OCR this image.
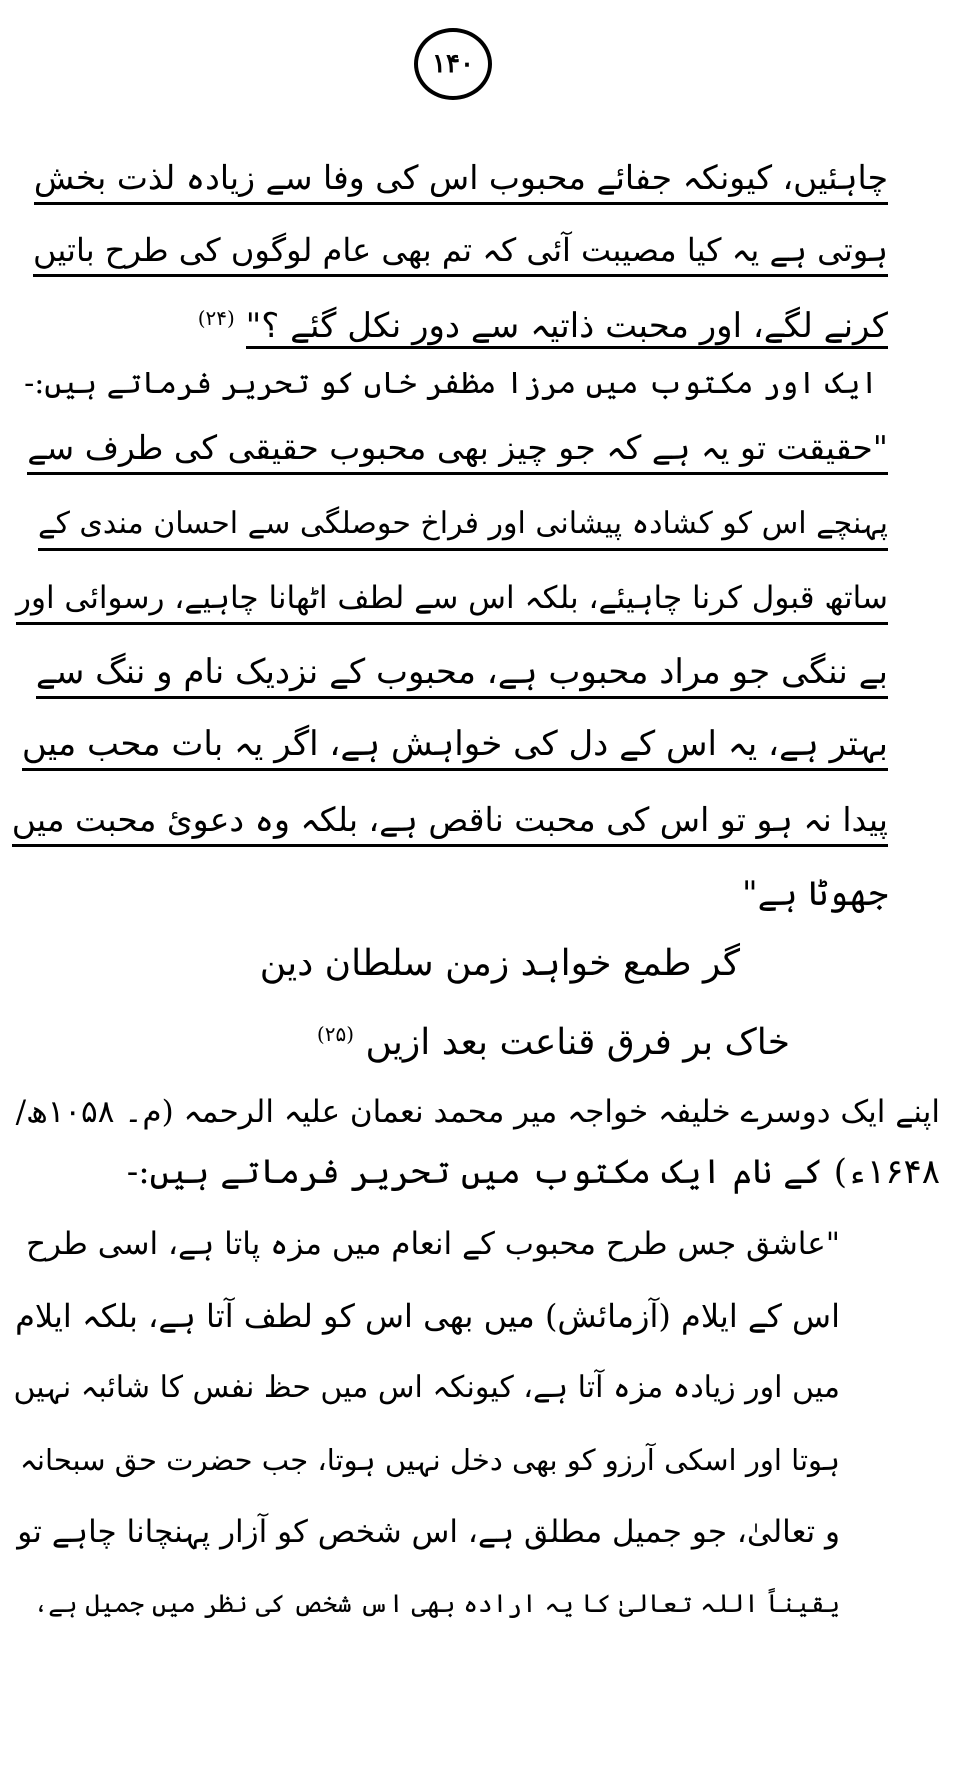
۱۴۰
چاہئیں، کیونکہ جفائے محبوب اس کی وفا سے زیادہ لذت بخش
ہوتی ہے یہ کیا مصیبت آئی کہ تم بھی عام لوگوں کی طرح باتیں
کرنے لگے، اور محبت ذاتیہ سے دور نکل گئے ؟" $^{(۲۴)}$
ایک اور مکتوب میں مرزا مظفر خاں کو تحریر فرماتے ہیں:-
"حقیقت تو یہ ہے کہ جو چیز بھی محبوب حقیقی کی طرف سے
پہنچے اس کو کشادہ پیشانی اور فراخ حوصلگی سے احسان مندی کے
ساتھ قبول کرنا چاہیئے، بلکہ اس سے لطف اٹھانا چاہیے، رسوائی اور
بے ننگی جو مراد محبوب ہے، محبوب کے نزدیک نام و ننگ سے
بہتر ہے، یہ اس کے دل کی خواہش ہے، اگر یہ بات محب میں
پیدا نہ ہو تو اس کی محبت ناقص ہے، بلکہ وہ دعویٔ محبت میں
جھوٹا ہے"
گر طمع خواہد زمن سلطان دین
خاک بر فرق قناعت بعد ازیں $^{(۲۵)}$
اپنے ایک دوسرے خلیفہ خواجہ میر محمد نعمان علیہ الرحمہ (م۔ ۱۰۵۸ھ/
۱۶۴۸ء) کے نام ایک مکتوب میں تحریر فرماتے ہیں:-
"عاشق جس طرح محبوب کے انعام میں مزہ پاتا ہے، اسی طرح
اس کے ایلام (آزمائش) میں بھی اس کو لطف آتا ہے، بلکہ ایلام
میں اور زیادہ مزہ آتا ہے، کیونکہ اس میں حظ نفس کا شائبہ نہیں
ہوتا اور اسکی آرزو کو بھی دخل نہیں ہوتا، جب حضرت حق سبحانہ
و تعالیٰ، جو جمیل مطلق ہے، اس شخص کو آزار پہنچانا چاہے تو
یقیناً اللہ تعالیٰ کا یہ ارادہ بھی اس شخص کی نظر میں جمیل ہے،
